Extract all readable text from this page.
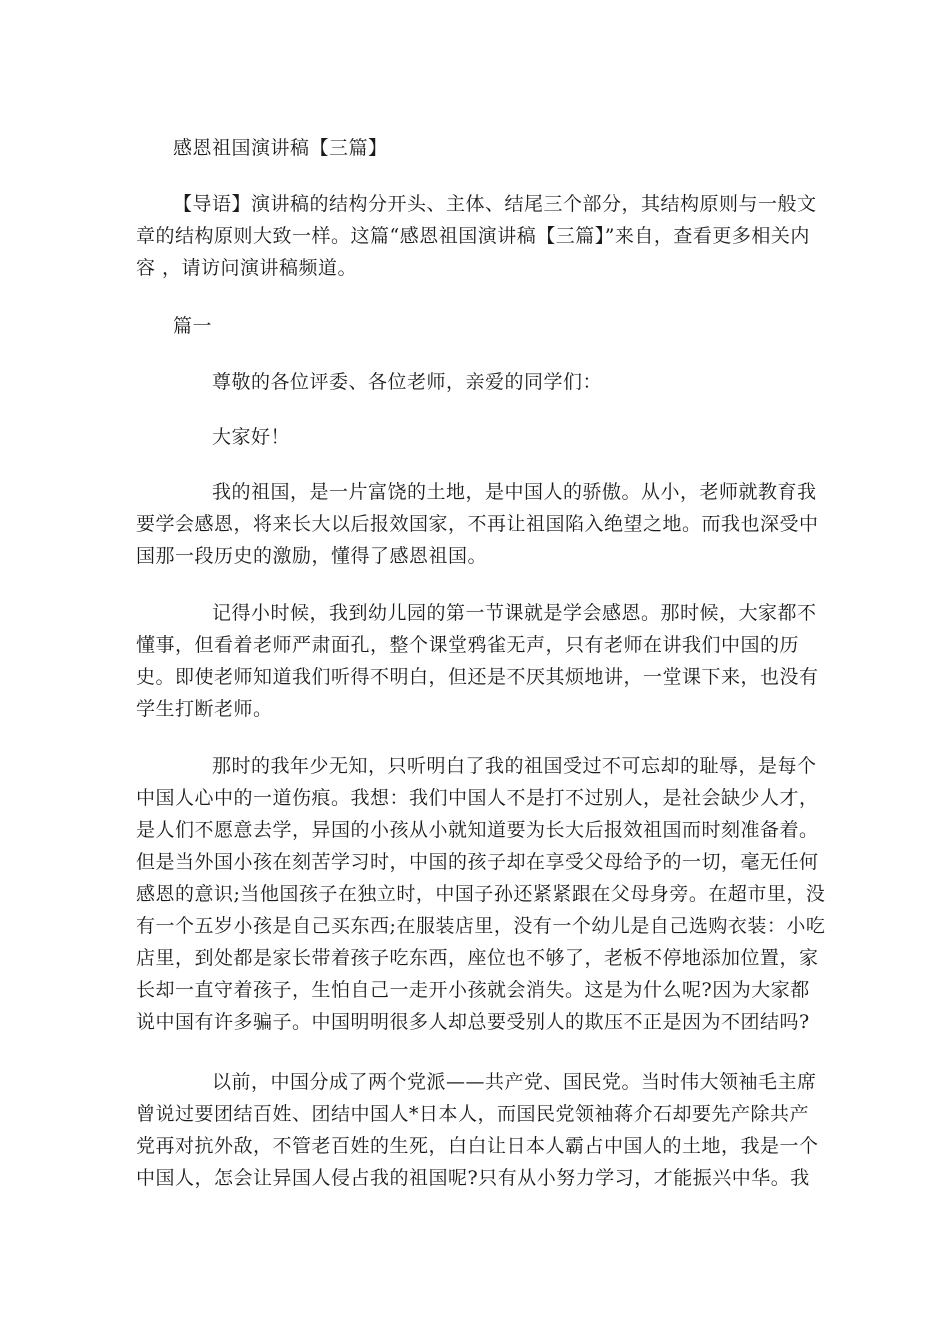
感恩祖国演讲稿【三篇】

【导语】演讲稿的结构分开头、主体、结尾三个部分，其结构原则与一般文章的结构原则大致一样。这篇“感恩祖国演讲稿【三篇】”来自，查看更多相关内容 ，请访问演讲稿频道。

篇一

尊敬的各位评委、各位老师，亲爱的同学们：

大家好！

我的祖国，是一片富饶的土地，是中国人的骄傲。从小，老师就教育我要学会感恩，将来长大以后报效国家，不再让祖国陷入绝望之地。而我也深受中国那一段历史的激励，懂得了感恩祖国。

记得小时候，我到幼儿园的第一节课就是学会感恩。那时候，大家都不懂事，但看着老师严肃面孔，整个课堂鸦雀无声，只有老师在讲我们中国的历史。即使老师知道我们听得不明白，但还是不厌其烦地讲，一堂课下来，也没有学生打断老师。

那时的我年少无知，只听明白了我的祖国受过不可忘却的耻辱，是每个中国人心中的一道伤痕。我想：我们中国人不是打不过别人，是社会缺少人才，是人们不愿意去学，异国的小孩从小就知道要为长大后报效祖国而时刻准备着。但是当外国小孩在刻苦学习时，中国的孩子却在享受父母给予的一切，毫无任何感恩的意识;当他国孩子在独立时，中国子孙还紧紧跟在父母身旁。在超市里，没有一个五岁小孩是自己买东西;在服装店里，没有一个幼儿是自己选购衣装：小吃店里，到处都是家长带着孩子吃东西，座位也不够了，老板不停地添加位置，家长却一直守着孩子，生怕自己一走开小孩就会消失。这是为什么呢?因为大家都说中国有许多骗子。中国明明很多人却总要受别人的欺压不正是因为不团结吗?

以前，中国分成了两个党派——共产党、国民党。当时伟大领袖毛主席曾说过要团结百姓、团结中国人*日本人，而国民党领袖蒋介石却要先产除共产党再对抗外敌，不管老百姓的生死，白白让日本人霸占中国人的土地，我是一个中国人，怎会让异国人侵占我的祖国呢?只有从小努力学习，才能振兴中华。我
